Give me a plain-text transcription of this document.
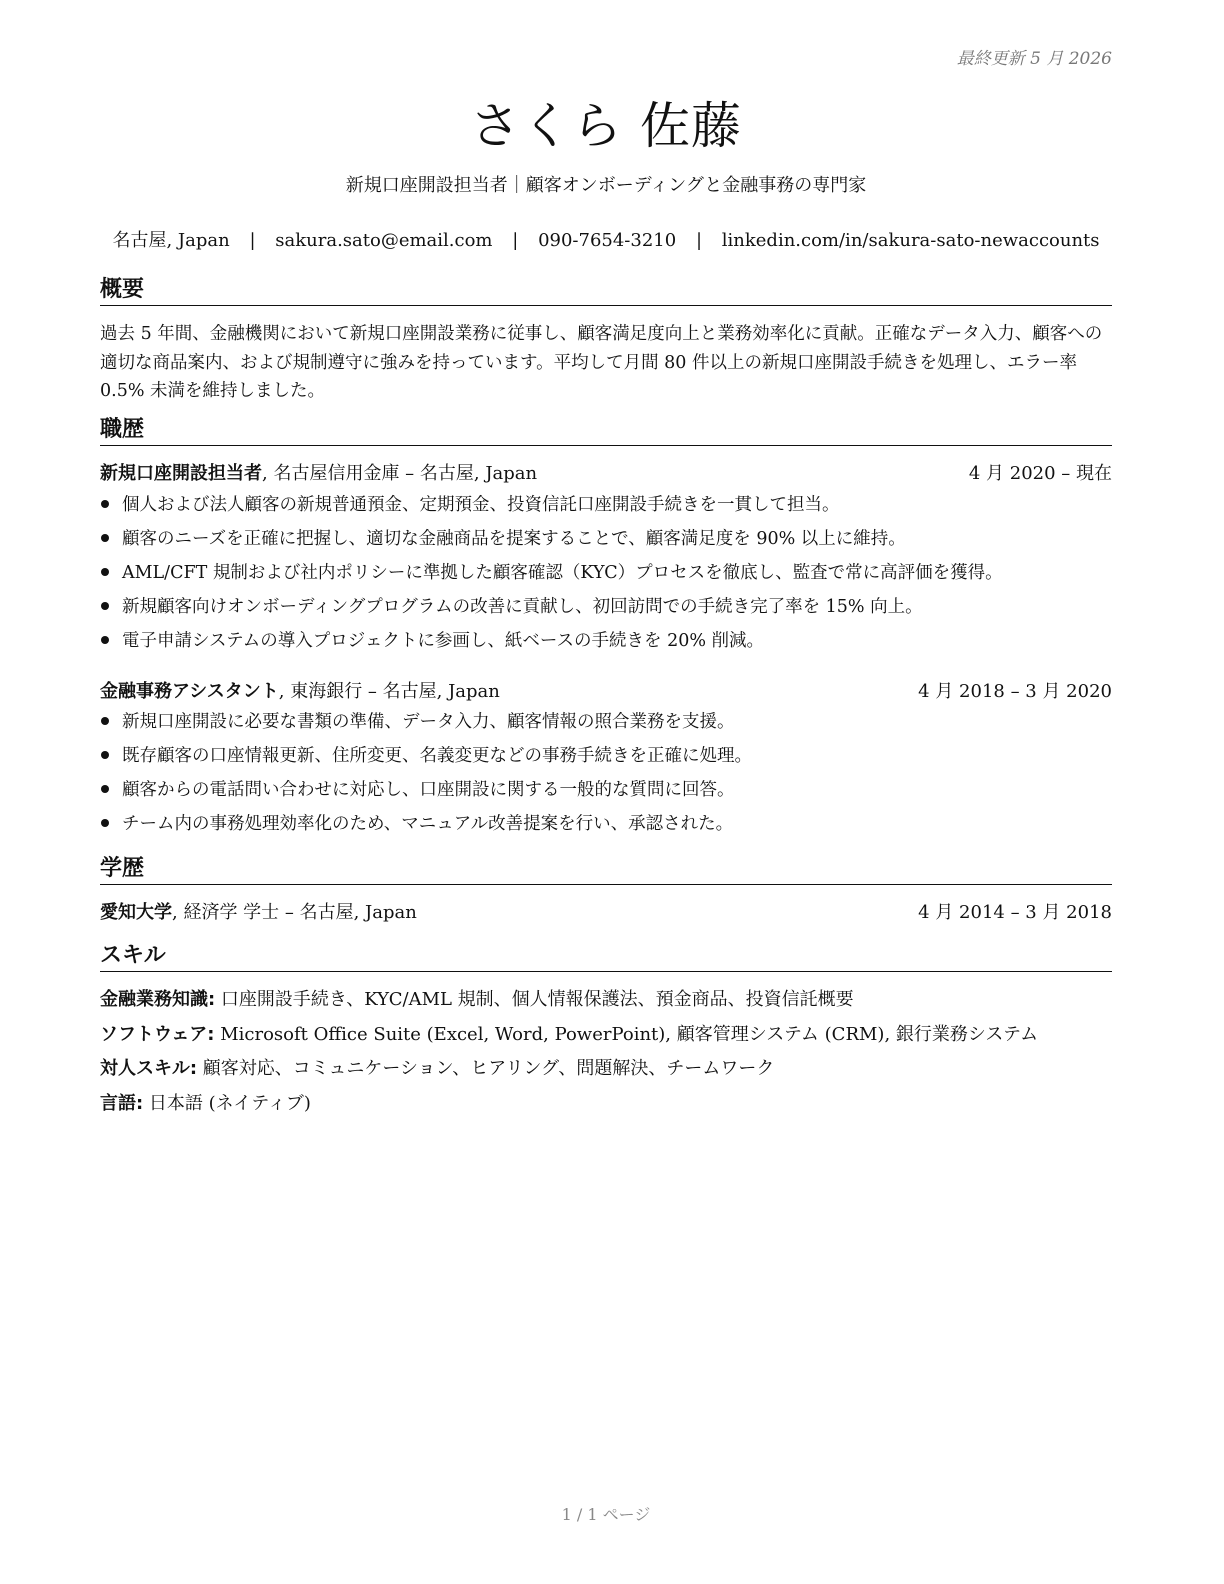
最終更新 5 月 2026
さくら 佐藤
新規口座開設担当者｜顧客オンボーディングと金融事務の専門家
名古屋, Japan | sakura.sato@email.com | 090-7654-3210 | linkedin.com/in/sakura-sato-newaccounts
概要
過去 5 年間、金融機関において新規口座開設業務に従事し、顧客満足度向上と業務効率化に貢献。正確なデータ入力、顧客への適切な商品案内、および規制遵守に強みを持っています。平均して月間 80 件以上の新規口座開設手続きを処理し、エラー率 0.5% 未満を維持しました。
職歴
新規口座開設担当者, 名古屋信用金庫 – 名古屋, Japan	4 月 2020 – 現在
個人および法人顧客の新規普通預金、定期預金、投資信託口座開設手続きを一貫して担当。
顧客のニーズを正確に把握し、適切な金融商品を提案することで、顧客満足度を 90% 以上に維持。
AML/CFT 規制および社内ポリシーに準拠した顧客確認（KYC）プロセスを徹底し、監査で常に高評価を獲得。
新規顧客向けオンボーディングプログラムの改善に貢献し、初回訪問での手続き完了率を 15% 向上。
電子申請システムの導入プロジェクトに参画し、紙ベースの手続きを 20% 削減。
金融事務アシスタント, 東海銀行 – 名古屋, Japan	4 月 2018 – 3 月 2020
新規口座開設に必要な書類の準備、データ入力、顧客情報の照合業務を支援。
既存顧客の口座情報更新、住所変更、名義変更などの事務手続きを正確に処理。
顧客からの電話問い合わせに対応し、口座開設に関する一般的な質問に回答。
チーム内の事務処理効率化のため、マニュアル改善提案を行い、承認された。
学歴
愛知大学, 経済学 学士 – 名古屋, Japan	4 月 2014 – 3 月 2018
スキル
金融業務知識: 口座開設手続き、KYC/AML 規制、個人情報保護法、預金商品、投資信託概要
ソフトウェア: Microsoft Office Suite (Excel, Word, PowerPoint), 顧客管理システム (CRM), 銀行業務システム
対人スキル: 顧客対応、コミュニケーション、ヒアリング、問題解決、チームワーク
言語: 日本語 (ネイティブ)
1 / 1 ページ
